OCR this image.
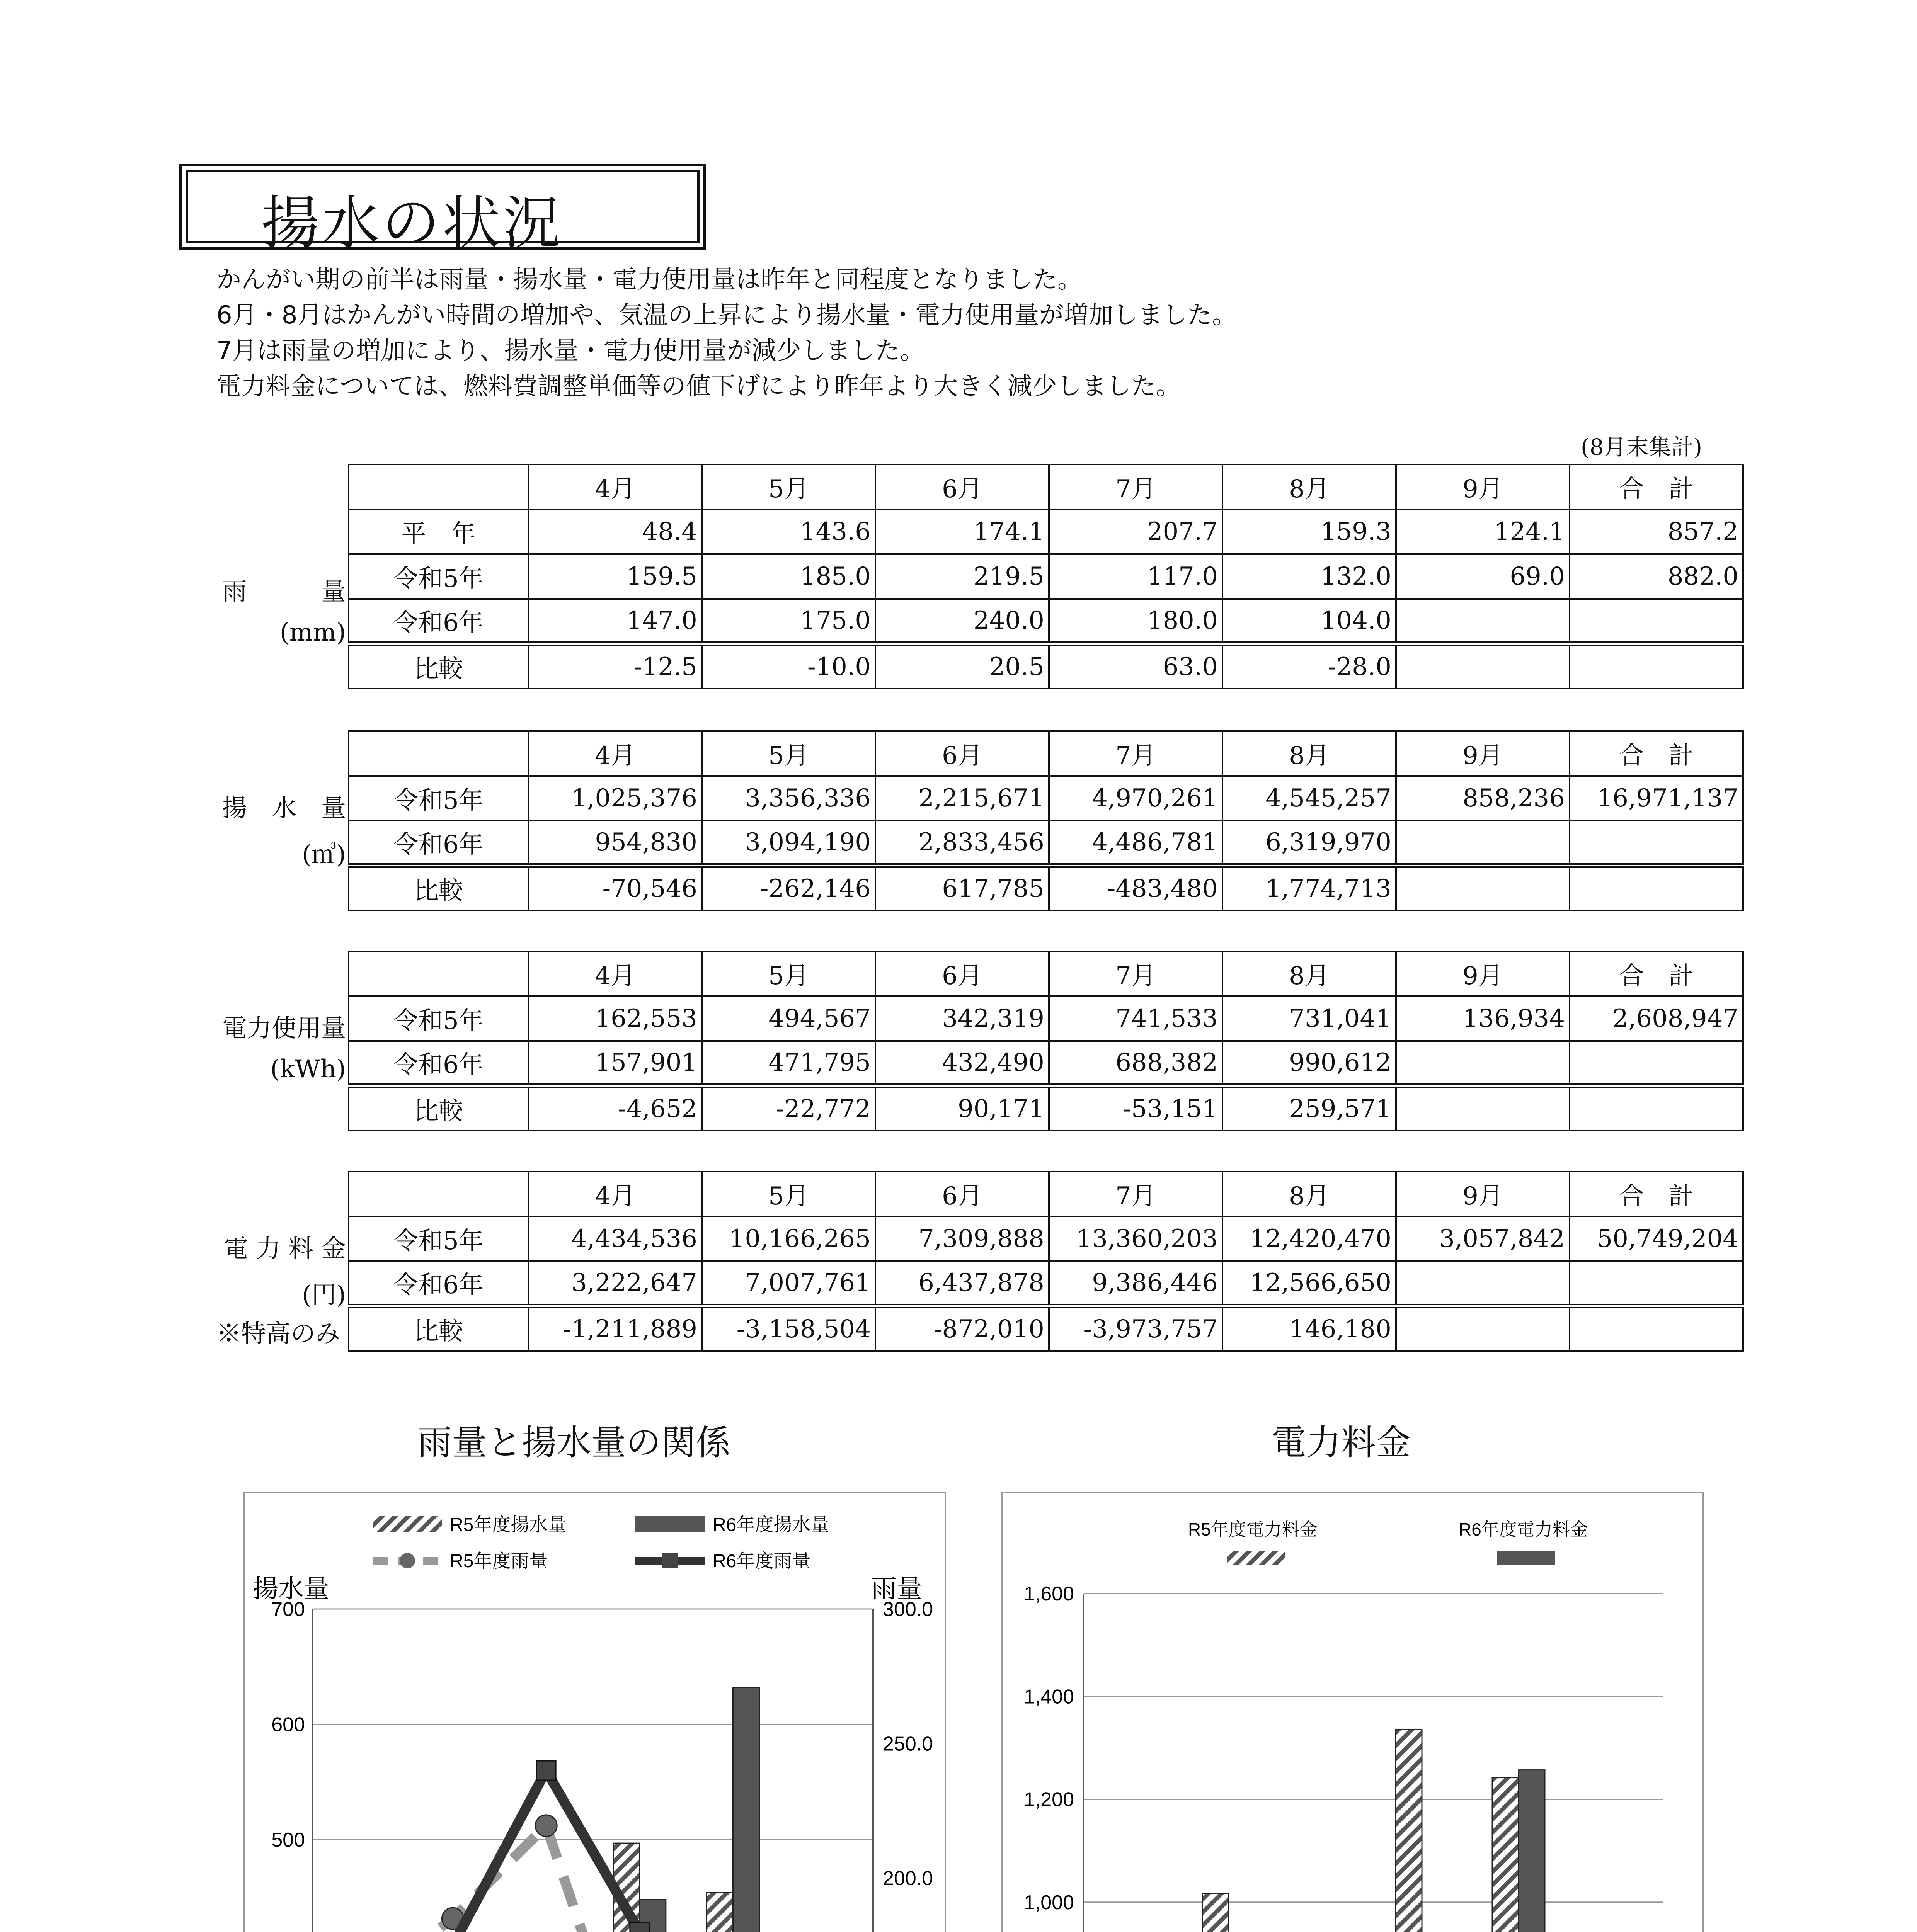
揚水の状況
かんがい期の前半は雨量・揚水量・電力使用量は昨年と同程度となりました。
6月・8月はかんがい時間の増加や、気温の上昇により揚水量・電力使用量が増加しました。
7月は雨量の増加により、揚水量・電力使用量が減少しました。
電力料金については、燃料費調整単価等の値下げにより昨年より大きく減少しました。
(8月末集計)
雨　　　量
(mm)
	4月	5月	6月	7月	8月	9月	合　計
平　年	48.4	143.6	174.1	207.7	159.3	124.1	857.2
令和5年	159.5	185.0	219.5	117.0	132.0	69.0	882.0
令和6年	147.0	175.0	240.0	180.0	104.0		
比較	-12.5	-10.0	20.5	63.0	-28.0		
揚　水　量
(㎥)
	4月	5月	6月	7月	8月	9月	合　計
令和5年	1,025,376	3,356,336	2,215,671	4,970,261	4,545,257	858,236	16,971,137
令和6年	954,830	3,094,190	2,833,456	4,486,781	6,319,970		
比較	-70,546	-262,146	617,785	-483,480	1,774,713		
電力使用量
(kWh)
	4月	5月	6月	7月	8月	9月	合　計
令和5年	162,553	494,567	342,319	741,533	731,041	136,934	2,608,947
令和6年	157,901	471,795	432,490	688,382	990,612		
比較	-4,652	-22,772	90,171	-53,151	259,571		
電 力 料 金
(円)
※特高のみ
	4月	5月	6月	7月	8月	9月	合　計
令和5年	4,434,536	10,166,265	7,309,888	13,360,203	12,420,470	3,057,842	50,749,204
令和6年	3,222,647	7,007,761	6,437,878	9,386,446	12,566,650		
比較	-1,211,889	-3,158,504	-872,010	-3,973,757	146,180		
雨量と揚水量の関係	電力料金
500
600
700
200.0
250.0
300.0
揚水量	雨量
R5年度揚水量	R6年度揚水量
R5年度雨量	R6年度雨量
1,000
1,200
1,400
1,600
R5年度電力料金	R6年度電力料金
